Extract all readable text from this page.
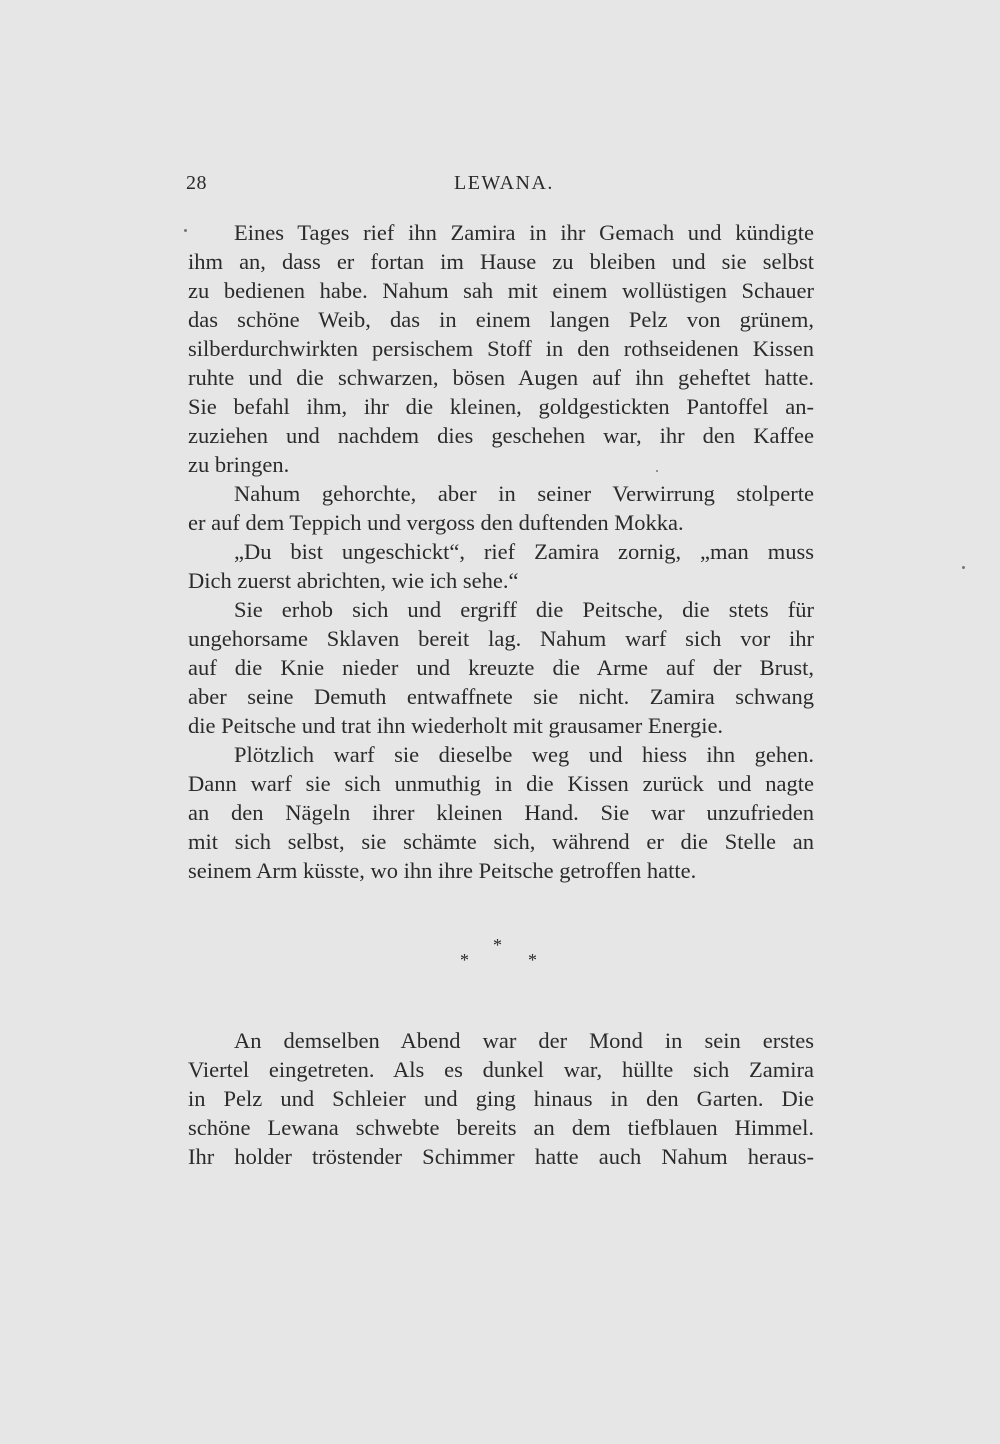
28	LEWANA.
Eines Tages rief ihn Zamira in ihr Gemach und kündigte
ihm an, dass er fortan im Hause zu bleiben und sie selbst
zu bedienen habe. Nahum sah mit einem wollüstigen Schauer
das schöne Weib, das in einem langen Pelz von grünem,
silberdurchwirkten persischem Stoff in den rothseidenen Kissen
ruhte und die schwarzen, bösen Augen auf ihn geheftet hatte.
Sie befahl ihm, ihr die kleinen, goldgestickten Pantoffel an-
zuziehen und nachdem dies geschehen war, ihr den Kaffee
zu bringen.
Nahum gehorchte, aber in seiner Verwirrung stolperte
er auf dem Teppich und vergoss den duftenden Mokka.
„Du bist ungeschickt“, rief Zamira zornig, „man muss
Dich zuerst abrichten, wie ich sehe.“
Sie erhob sich und ergriff die Peitsche, die stets für
ungehorsame Sklaven bereit lag. Nahum warf sich vor ihr
auf die Knie nieder und kreuzte die Arme auf der Brust,
aber seine Demuth entwaffnete sie nicht. Zamira schwang
die Peitsche und trat ihn wiederholt mit grausamer Energie.
Plötzlich warf sie dieselbe weg und hiess ihn gehen.
Dann warf sie sich unmuthig in die Kissen zurück und nagte
an den Nägeln ihrer kleinen Hand. Sie war unzufrieden
mit sich selbst, sie schämte sich, während er die Stelle an
seinem Arm küsste, wo ihn ihre Peitsche getroffen hatte.
*
*	*
An demselben Abend war der Mond in sein erstes
Viertel eingetreten. Als es dunkel war, hüllte sich Zamira
in Pelz und Schleier und ging hinaus in den Garten. Die
schöne Lewana schwebte bereits an dem tiefblauen Himmel.
Ihr holder tröstender Schimmer hatte auch Nahum heraus-
